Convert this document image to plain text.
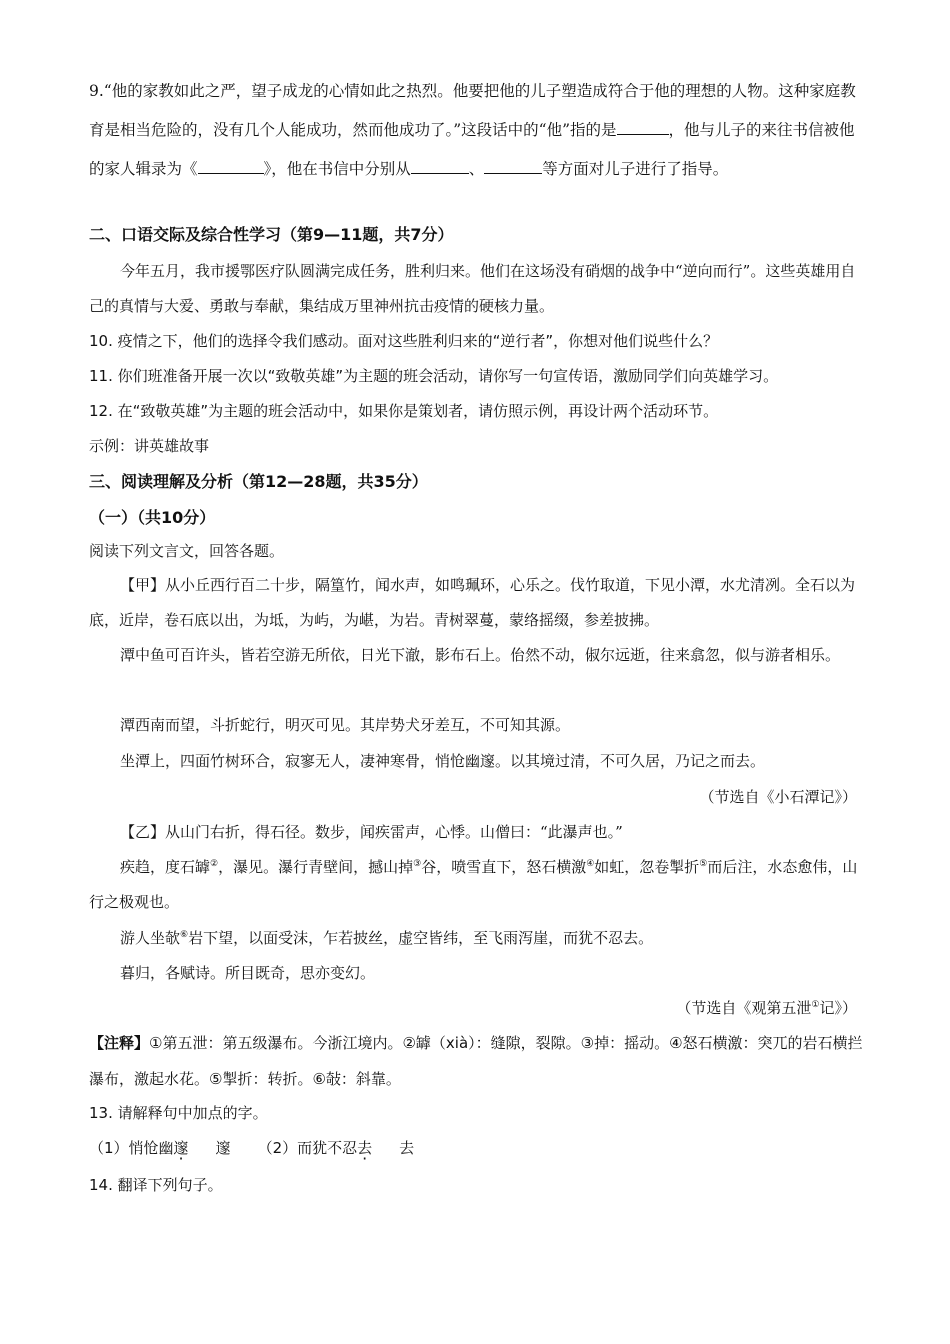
9.“他的家教如此之严，望子成龙的心情如此之热烈。他要把他的儿子塑造成符合于他的理想的人物。这种家庭教育是相当危险的，没有几个人能成功，然而他成功了。”这段话中的“他”指的是	，他与儿子的来往书信被他的家人辑录为《	》，他在书信中分别从	、	等方面对儿子进行了指导。

二、口语交际及综合性学习（第9—11题，共7分）

今年五月，我市援鄂医疗队圆满完成任务，胜利归来。他们在这场没有硝烟的战争中“逆向而行”。这些英雄用自己的真情与大爱、勇敢与奉献，集结成万里神州抗击疫情的硬核力量。

10. 疫情之下，他们的选择令我们感动。面对这些胜利归来的“逆行者”，你想对他们说些什么？
11. 你们班准备开展一次以“致敬英雄”为主题的班会活动，请你写一句宣传语，激励同学们向英雄学习。
12. 在“致敬英雄”为主题的班会活动中，如果你是策划者，请仿照示例，再设计两个活动环节。
示例：讲英雄故事
三、阅读理解及分析（第12—28题，共35分）
（一）（共10分）
阅读下列文言文，回答各题。

【甲】从小丘西行百二十步，隔篁竹，闻水声，如鸣珮环，心乐之。伐竹取道，下见小潭，水尤清冽。全石以为底，近岸，卷石底以出，为坻，为屿，为嵁，为岩。青树翠蔓，蒙络摇缀，参差披拂。

潭中鱼可百许头，皆若空游无所依，日光下澈，影布石上。佁然不动，俶尔远逝，往来翕忽，似与游者相乐。

潭西南而望，斗折蛇行，明灭可见。其岸势犬牙差互，不可知其源。

坐潭上，四面竹树环合，寂寥无人，凄神寒骨，悄怆幽邃。以其境过清，不可久居，乃记之而去。

（节选自《小石潭记》）

【乙】从山门右折，得石径。数步，闻疾雷声，心悸。山僧曰：“此瀑声也。”

疾趋，度石罅②，瀑见。瀑行青壁间，撼山掉③谷，喷雪直下，怒石横激④如虹，忽卷掣折⑤而后注，水态愈伟，山行之极观也。

游人坐欹⑥岩下望，以面受沫，乍若披丝，虚空皆纬，至飞雨泻崖，而犹不忍去。

暮归，各赋诗。所目既奇，思亦变幻。

（节选自《观第五泄①记》）

【注释】①第五泄：第五级瀑布。今浙江境内。②罅（xià）：缝隙，裂隙。③掉：摇动。④怒石横激：突兀的岩石横拦瀑布，激起水花。⑤掣折：转折。⑥敧：斜靠。

13. 请解释句中加点的字。
（1）悄怆幽邃 邃 （2）而犹不忍去 去
14. 翻译下列句子。
